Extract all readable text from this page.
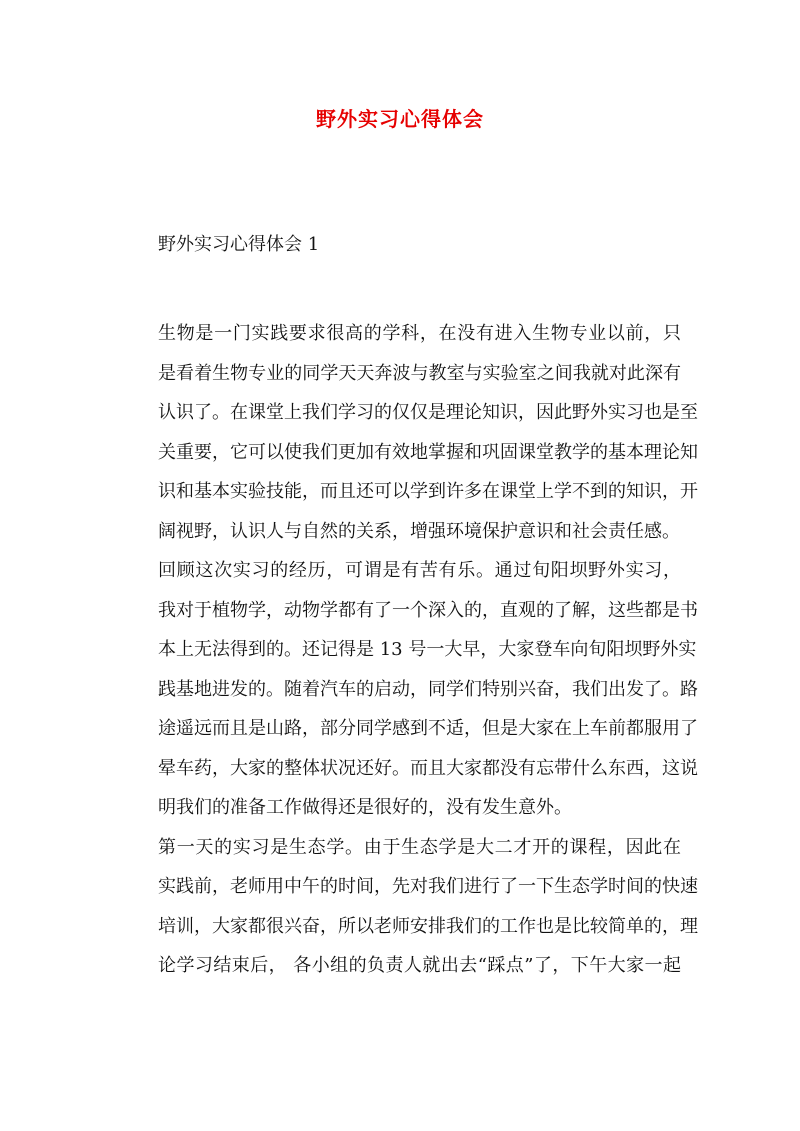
野外实习心得体会

野外实习心得体会 1

生物是一门实践要求很高的学科，在没有进入生物专业以前，只
是看着生物专业的同学天天奔波与教室与实验室之间我就对此深有
认识了。在课堂上我们学习的仅仅是理论知识，因此野外实习也是至
关重要，它可以使我们更加有效地掌握和巩固课堂教学的基本理论知
识和基本实验技能，而且还可以学到许多在课堂上学不到的知识，开
阔视野，认识人与自然的关系，增强环境保护意识和社会责任感。

回顾这次实习的经历，可谓是有苦有乐。通过旬阳坝野外实习，
我对于植物学，动物学都有了一个深入的，直观的了解，这些都是书
本上无法得到的。还记得是 13 号一大早，大家登车向旬阳坝野外实
践基地进发的。随着汽车的启动，同学们特别兴奋，我们出发了。路
途遥远而且是山路，部分同学感到不适，但是大家在上车前都服用了
晕车药，大家的整体状况还好。而且大家都没有忘带什么东西，这说
明我们的准备工作做得还是很好的，没有发生意外。

第一天的实习是生态学。由于生态学是大二才开的课程，因此在
实践前，老师用中午的时间，先对我们进行了一下生态学时间的快速
培训，大家都很兴奋，所以老师安排我们的工作也是比较简单的，理
论学习结束后， 各小组的负责人就出去“踩点”了，下午大家一起
